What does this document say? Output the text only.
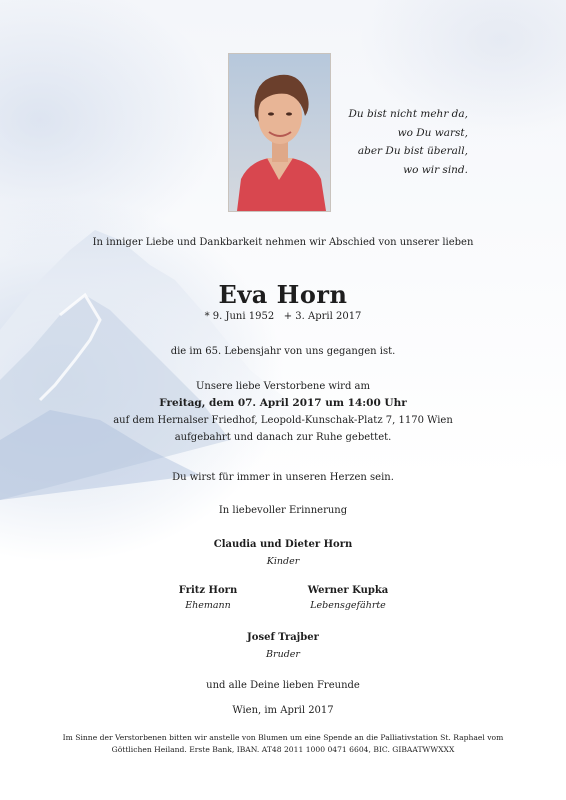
Du bist nicht mehr da,
wo Du warst,
aber Du bist überall,
wo wir sind.
In inniger Liebe und Dankbarkeit nehmen wir Abschied von unserer lieben
Eva Horn
* 9. Juni 1952   + 3. April 2017
die im 65. Lebensjahr von uns gegangen ist.
Unsere liebe Verstorbene wird am
Freitag, dem 07. April 2017 um 14:00 Uhr
auf dem Hernalser Friedhof, Leopold-Kunschak-Platz 7, 1170 Wien
aufgebahrt und danach zur Ruhe gebettet.
Du wirst für immer in unseren Herzen sein.
In liebevoller Erinnerung
Claudia und Dieter Horn
Kinder
Fritz Horn
Ehemann
Werner Kupka
Lebensgefährte
Josef Trajber
Bruder
und alle Deine lieben Freunde
Wien, im April 2017
Im Sinne der Verstorbenen bitten wir anstelle von Blumen um eine Spende an die Palliativstation St. Raphael vom
Göttlichen Heiland. Erste Bank, IBAN. AT48 2011 1000 0471 6604, BIC. GIBAATWWXXX
